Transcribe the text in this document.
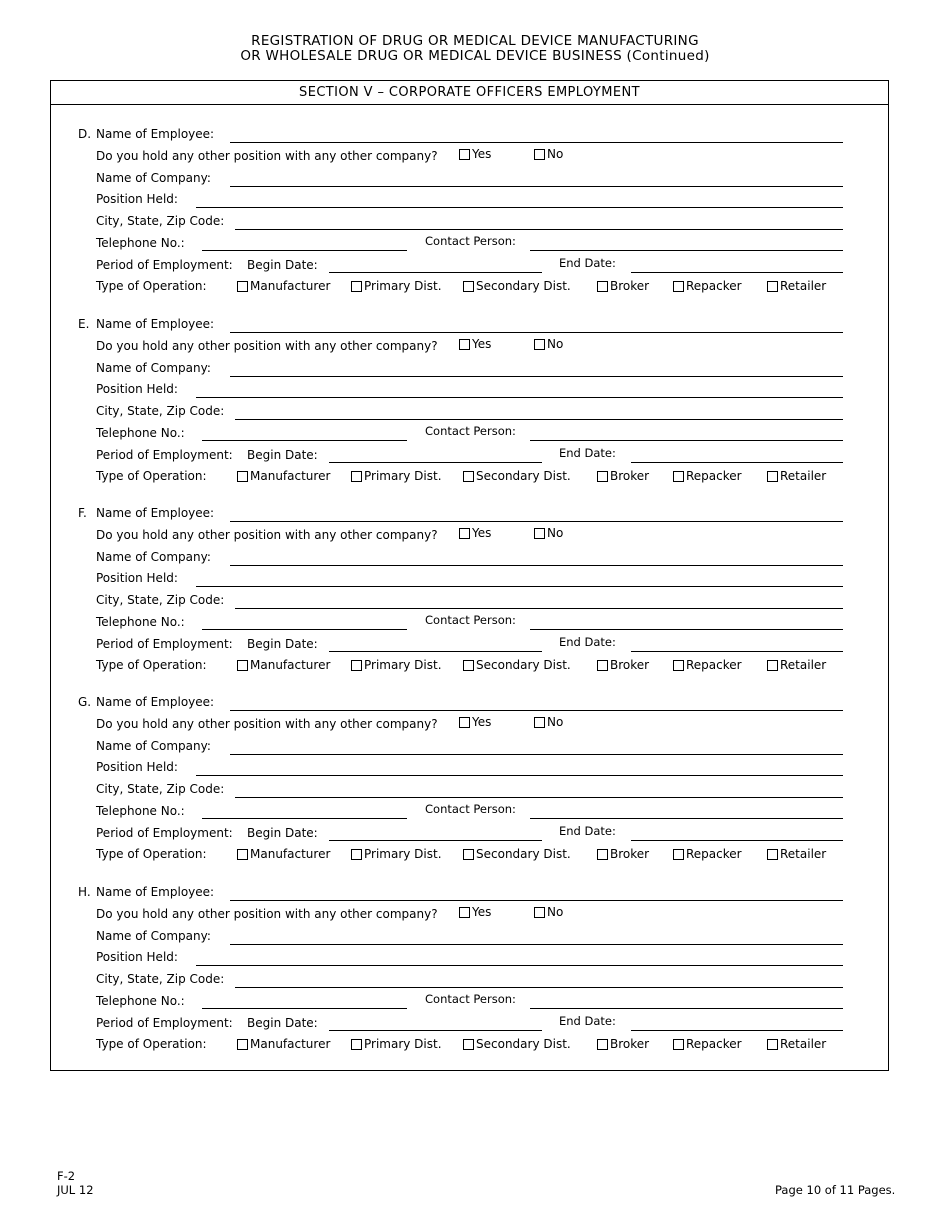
REGISTRATION OF DRUG OR MEDICAL DEVICE MANUFACTURING
OR WHOLESALE DRUG OR MEDICAL DEVICE BUSINESS (Continued)
SECTION V – CORPORATE OFFICERS EMPLOYMENT
D. Name of Employee:
Do you hold any other position with any other company?	Yes	No
Name of Company:
Position Held:
City, State, Zip Code:
Telephone No.:	Contact Person:
Period of Employment: Begin Date:	End Date:
Type of Operation:	Manufacturer	Primary Dist.	Secondary Dist.	Broker	Repacker	Retailer
E. Name of Employee:
Do you hold any other position with any other company?	Yes	No
Name of Company:
Position Held:
City, State, Zip Code:
Telephone No.:	Contact Person:
Period of Employment: Begin Date:	End Date:
Type of Operation:	Manufacturer	Primary Dist.	Secondary Dist.	Broker	Repacker	Retailer
F. Name of Employee:
Do you hold any other position with any other company?	Yes	No
Name of Company:
Position Held:
City, State, Zip Code:
Telephone No.:	Contact Person:
Period of Employment: Begin Date:	End Date:
Type of Operation:	Manufacturer	Primary Dist.	Secondary Dist.	Broker	Repacker	Retailer
G. Name of Employee:
Do you hold any other position with any other company?	Yes	No
Name of Company:
Position Held:
City, State, Zip Code:
Telephone No.:	Contact Person:
Period of Employment: Begin Date:	End Date:
Type of Operation:	Manufacturer	Primary Dist.	Secondary Dist.	Broker	Repacker	Retailer
H. Name of Employee:
Do you hold any other position with any other company?	Yes	No
Name of Company:
Position Held:
City, State, Zip Code:
Telephone No.:	Contact Person:
Period of Employment: Begin Date:	End Date:
Type of Operation:	Manufacturer	Primary Dist.	Secondary Dist.	Broker	Repacker	Retailer
F-2
JUL 12	Page 10 of 11 Pages.
